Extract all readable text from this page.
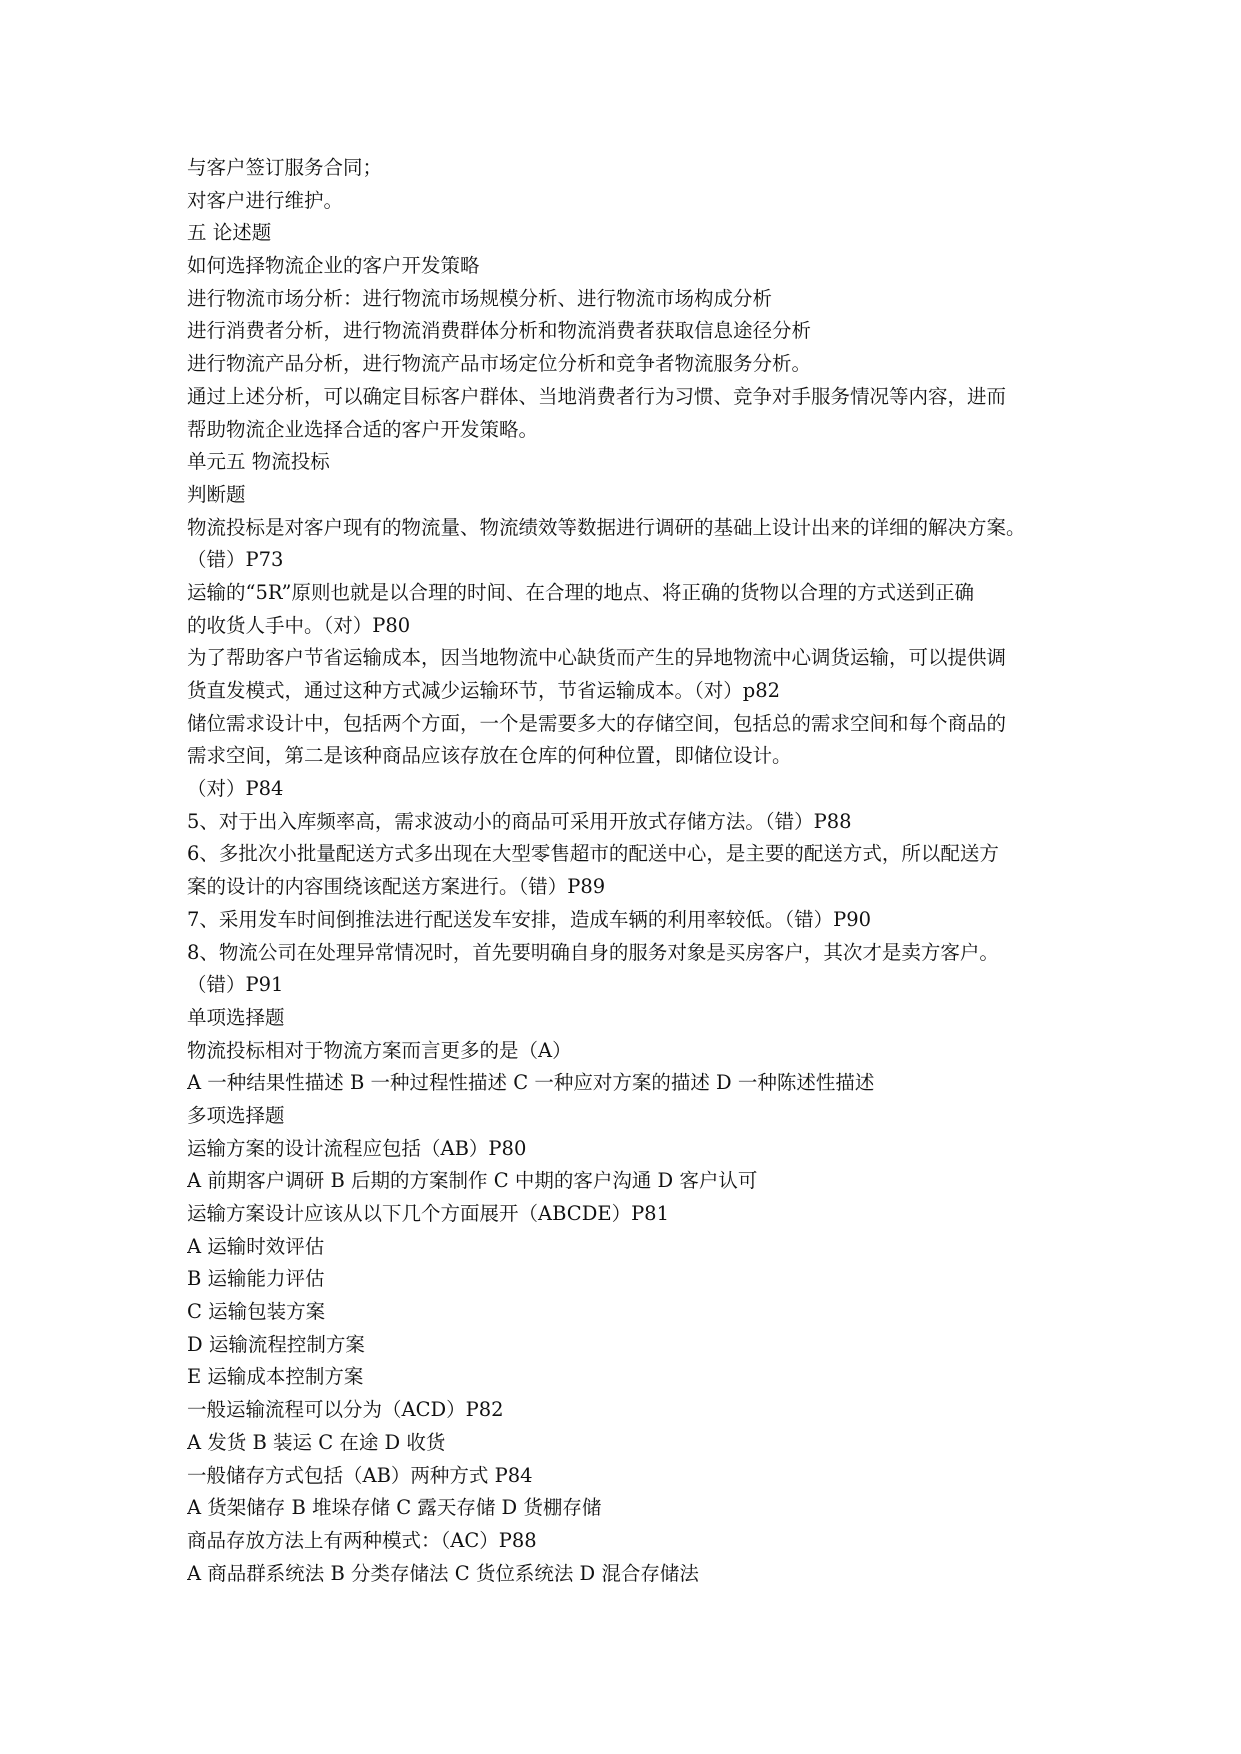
与客户签订服务合同；
对客户进行维护。
五 论述题
如何选择物流企业的客户开发策略
进行物流市场分析：进行物流市场规模分析、进行物流市场构成分析
进行消费者分析，进行物流消费群体分析和物流消费者获取信息途径分析
进行物流产品分析，进行物流产品市场定位分析和竞争者物流服务分析。
通过上述分析，可以确定目标客户群体、当地消费者行为习惯、竞争对手服务情况等内容，进而
帮助物流企业选择合适的客户开发策略。
单元五 物流投标
判断题
物流投标是对客户现有的物流量、物流绩效等数据进行调研的基础上设计出来的详细的解决方案。
（错）P73
运输的“5R”原则也就是以合理的时间、在合理的地点、将正确的货物以合理的方式送到正确
的收货人手中。（对）P80
为了帮助客户节省运输成本，因当地物流中心缺货而产生的异地物流中心调货运输，可以提供调
货直发模式，通过这种方式减少运输环节，节省运输成本。（对）p82
储位需求设计中，包括两个方面，一个是需要多大的存储空间，包括总的需求空间和每个商品的
需求空间，第二是该种商品应该存放在仓库的何种位置，即储位设计。
（对）P84
5、对于出入库频率高，需求波动小的商品可采用开放式存储方法。（错）P88
6、多批次小批量配送方式多出现在大型零售超市的配送中心，是主要的配送方式，所以配送方
案的设计的内容围绕该配送方案进行。（错）P89
7、采用发车时间倒推法进行配送发车安排，造成车辆的利用率较低。（错）P90
8、物流公司在处理异常情况时，首先要明确自身的服务对象是买房客户，其次才是卖方客户。
（错）P91
单项选择题
物流投标相对于物流方案而言更多的是（A）
A 一种结果性描述 B 一种过程性描述 C 一种应对方案的描述 D 一种陈述性描述
多项选择题
运输方案的设计流程应包括（AB）P80
A 前期客户调研 B 后期的方案制作 C 中期的客户沟通 D 客户认可
运输方案设计应该从以下几个方面展开（ABCDE）P81
A 运输时效评估
B 运输能力评估
C 运输包装方案
D 运输流程控制方案
E 运输成本控制方案
一般运输流程可以分为（ACD）P82
A 发货 B 装运 C 在途 D 收货
一般储存方式包括（AB）两种方式 P84
A 货架储存 B 堆垛存储 C 露天存储 D 货棚存储
商品存放方法上有两种模式：（AC）P88
A 商品群系统法 B 分类存储法 C 货位系统法 D 混合存储法
